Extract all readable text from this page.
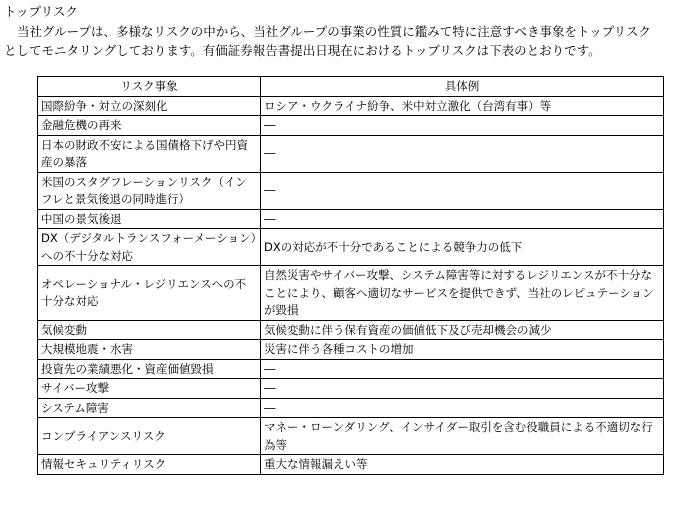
トップリスク

当社グループは、多様なリスクの中から、当社グループの事業の性質に鑑みて特に注意すべき事象をトップリスク

としてモニタリングしております。有価証券報告書提出日現在におけるトップリスクは下表のとおりです。

リスク事象	具体例
国際紛争・対立の深刻化	ロシア・ウクライナ紛争、米中対立激化（台湾有事）等
金融危機の再来	―
日本の財政不安による国債格下げや円資産の暴落	―
米国のスタグフレーションリスク（インフレと景気後退の同時進行）	―
中国の景気後退	―
DX（デジタルトランスフォーメーション）への不十分な対応	DXの対応が不十分であることによる競争力の低下
オペレーショナル・レジリエンスへの不十分な対応	自然災害やサイバー攻撃、システム障害等に対するレジリエンスが不十分なことにより、顧客へ適切なサービスを提供できず、当社のレピュテーションが毀損
気候変動	気候変動に伴う保有資産の価値低下及び売却機会の減少
大規模地震・水害	災害に伴う各種コストの増加
投資先の業績悪化・資産価値毀損	―
サイバー攻撃	―
システム障害	―
コンプライアンスリスク	マネー・ローンダリング、インサイダー取引を含む役職員による不適切な行為等
情報セキュリティリスク	重大な情報漏えい等
